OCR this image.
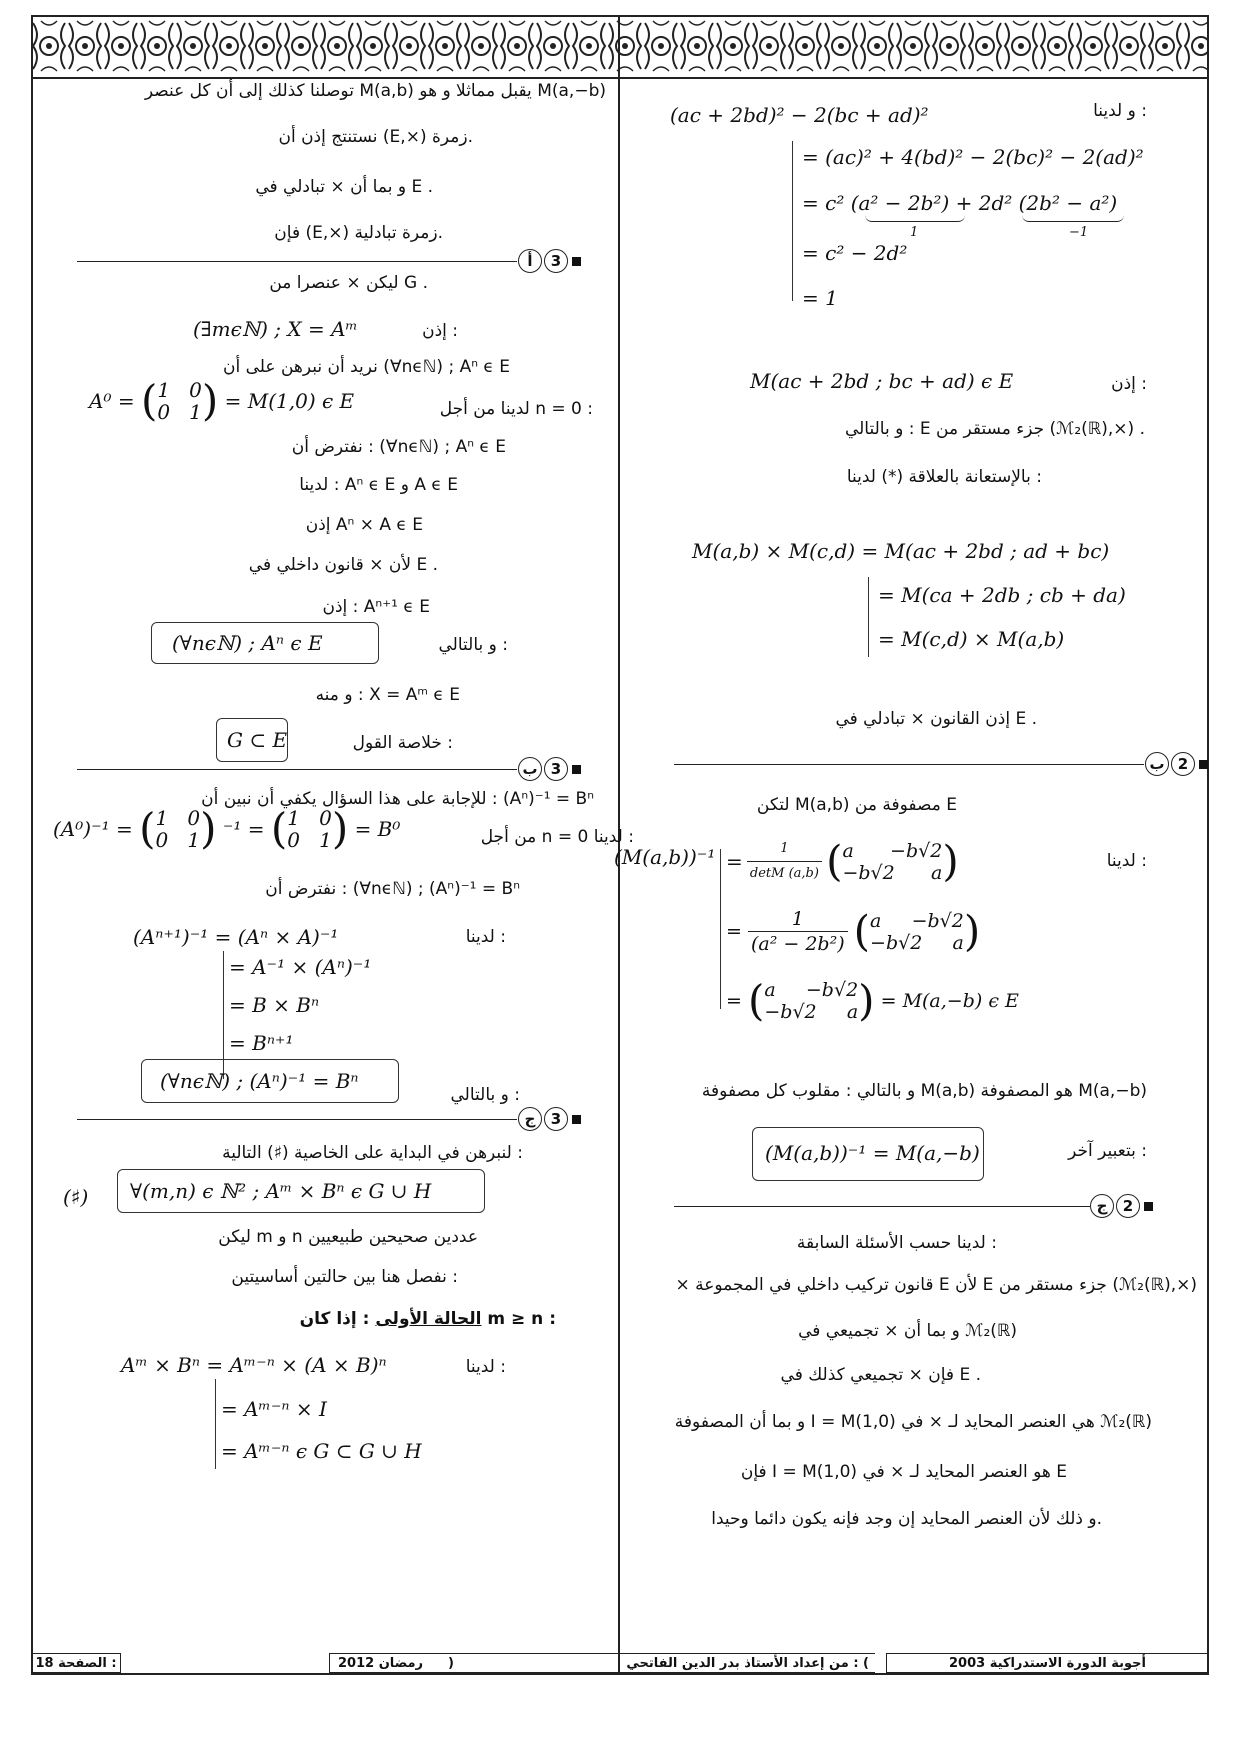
و لدينا :
(ac + 2bd)² − 2(bc + ad)²
= (ac)² + 4(bd)² − 2(bc)² − 2(ad)²
= c² (a² − 2b²) + 2d² (2b² − a²)
1	−1
= c² − 2d²
= 1
إذن :
M(ac + 2bd ; bc + ad) ϵ E
و بالتالي : E جزء مستقر من (ℳ₂(ℝ),×) .
بالإستعانة بالعلاقة (*) لدينا :
M(a,b) × M(c,d) = M(ac + 2bd ; ad + bc)
= M(ca + 2db ; cb + da)
= M(c,d) × M(a,b)
إذن القانون × تبادلي في E .
ب 2
لتكن M(a,b) مصفوفة من E
لدينا :
$(M(a,b))^{-1} = \frac{1}{\det M (a,b)}$ ( a −b√2
−b√2 a )
= $\frac{1}{\text{(a² − 2b²)}}$ ( a −b√2
−b√2 a )
= ( a −b√2
−b√2 a ) = M(a,−b) ϵ E
و بالتالي : مقلوب كل مصفوفة M(a,b) هو المصفوفة M(a,−b)
بتعبير آخر :
(M(a,b))⁻¹ = M(a,−b)
ج 2
لدينا حسب الأسئلة السابقة :
× قانون تركيب داخلي في المجموعة E لأن E جزء مستقر من (ℳ₂(ℝ),×)
و بما أن × تجميعي في ℳ₂(ℝ)
فإن × تجميعي كذلك في E .
و بما أن المصفوفة I = M(1,0) هي العنصر المحايد لـ × في ℳ₂(ℝ)
فإن I = M(1,0) هو العنصر المحايد لـ × في E
و ذلك لأن العنصر المحايد إن وجد فإنه يكون دائما وحيدا.
توصلنا كذلك إلى أن كل عنصر M(a,b) يقبل مماثلا و هو M(a,−b)
نستنتج إذن أن (E,×) زمرة.
و بما أن × تبادلي في E .
فإن (E,×) زمرة تبادلية.
أ 3
ليكن × عنصرا من G .
إذن :
(∃mϵℕ) ; X = Aᵐ
نريد أن نبرهن على أن (∀nϵℕ) ; Aⁿ ϵ E
لدينا من أجل n = 0 :
A⁰ = ( 1 0
0 1 ) = M(1,0) ϵ E
نفترض أن : (∀nϵℕ) ; Aⁿ ϵ E
لدينا : Aⁿ ϵ E و A ϵ E
إذن Aⁿ × A ϵ E
لأن × قانون داخلي في E .
إذن : Aⁿ⁺¹ ϵ E
و بالتالي :
(∀nϵℕ) ; Aⁿ ϵ E
و منه : X = Aᵐ ϵ E
خلاصة القول :
G ⊂ E
ب 3
للإجابة على هذا السؤال يكفي أن نبين أن : (Aⁿ)⁻¹ = Bⁿ
من أجل n = 0 لدينا :
(A⁰)⁻¹ = ( 1 0
0 1 ) ⁻¹ = ( 1 0
0 1 ) = B⁰
نفترض أن : (∀nϵℕ) ; (Aⁿ)⁻¹ = Bⁿ
لدينا :
(Aⁿ⁺¹)⁻¹ = (Aⁿ × A)⁻¹
= A⁻¹ × (Aⁿ)⁻¹
= B × Bⁿ
= Bⁿ⁺¹
و بالتالي :
(∀nϵℕ) ; (Aⁿ)⁻¹ = Bⁿ
ج 3
لنبرهن في البداية على الخاصية (♯) التالية :
(♯) ∀(m,n) ϵ ℕ² ; Aᵐ × Bⁿ ϵ G ∪ H
ليكن m و n عددين صحيحين طبيعيين
نفصل هنا بين حالتين أساسيتين :
الحالة الأولى : إذا كان m ≥ n :
لدينا :
Aᵐ × Bⁿ = Aᵐ⁻ⁿ × (A × B)ⁿ
= Aᵐ⁻ⁿ × I
= Aᵐ⁻ⁿ ϵ G ⊂ G ∪ H
18 الصفحة :	رمضان 2012 )	من إعداد الأستاذ بدر الدين الفاتحي : (	أجوبة الدورة الاستدراكية 2003
